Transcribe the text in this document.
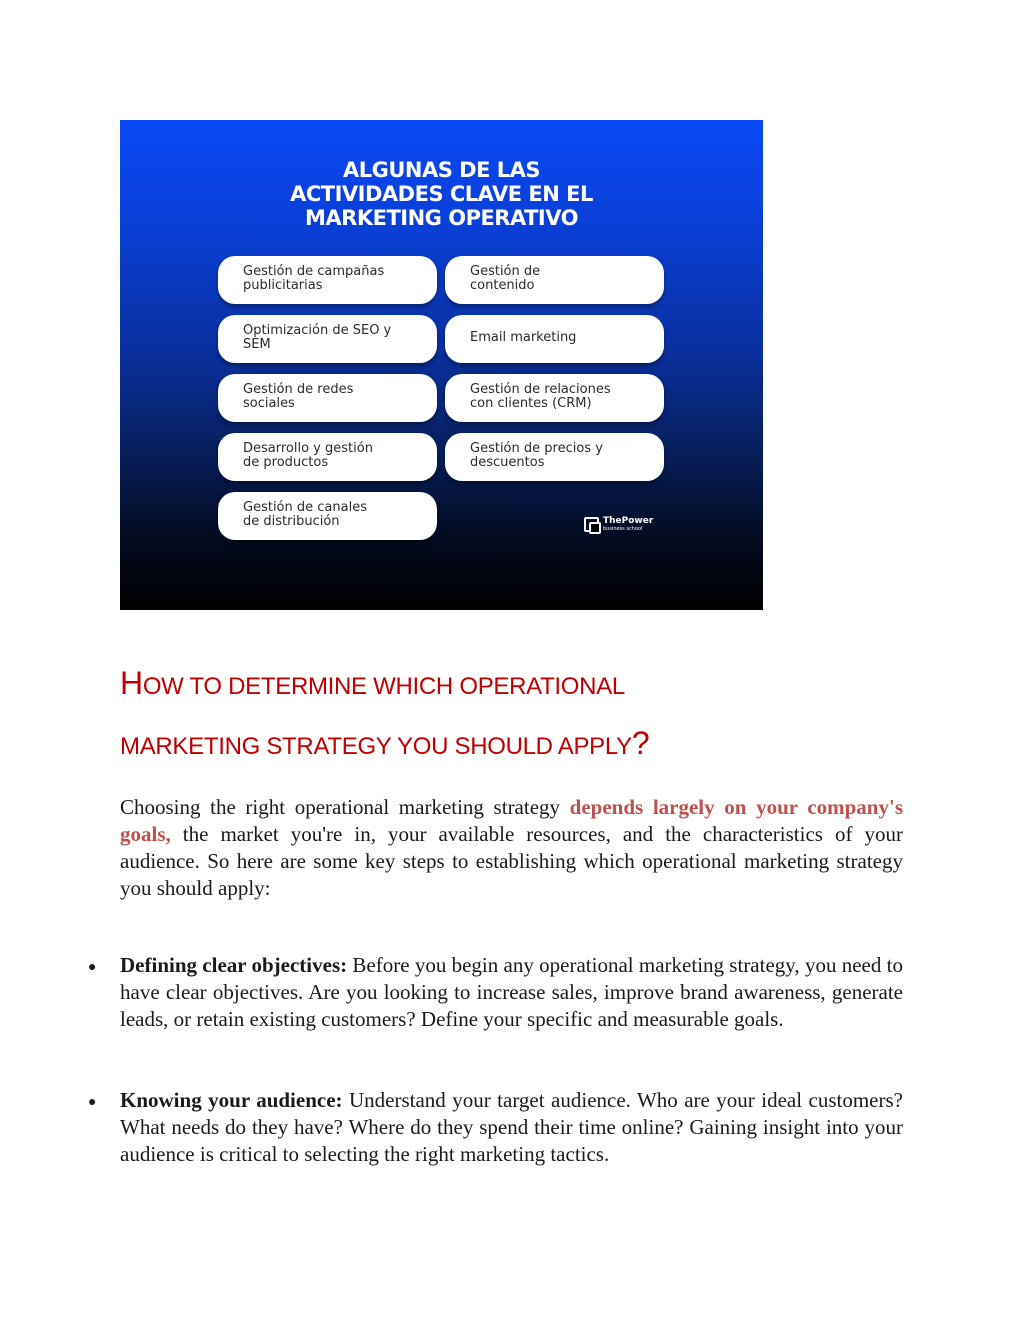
ALGUNAS DE LAS
ACTIVIDADES CLAVE EN EL
MARKETING OPERATIVO
Gestión de campañas
publicitarias
Optimización de SEO y
SEM
Gestión de redes
sociales
Desarrollo y gestión
de productos
Gestión de canales
de distribución
Gestión de
contenido
Email marketing
Gestión de relaciones
con clientes (CRM)
Gestión de precios y
descuentos
ThePower
business school
HOW TO DETERMINE WHICH OPERATIONAL
MARKETING STRATEGY YOU SHOULD APPLY?

Choosing the right operational marketing strategy depends largely on your company's goals, the market you're in, your available resources, and the characteristics of your audience. So here are some key steps to establishing which operational marketing strategy you should apply:

● Defining clear objectives: Before you begin any operational marketing strategy, you need to have clear objectives. Are you looking to increase sales, improve brand awareness, generate leads, or retain existing customers? Define your specific and measurable goals.

● Knowing your audience: Understand your target audience. Who are your ideal customers? What needs do they have? Where do they spend their time online? Gaining insight into your audience is critical to selecting the right marketing tactics.
